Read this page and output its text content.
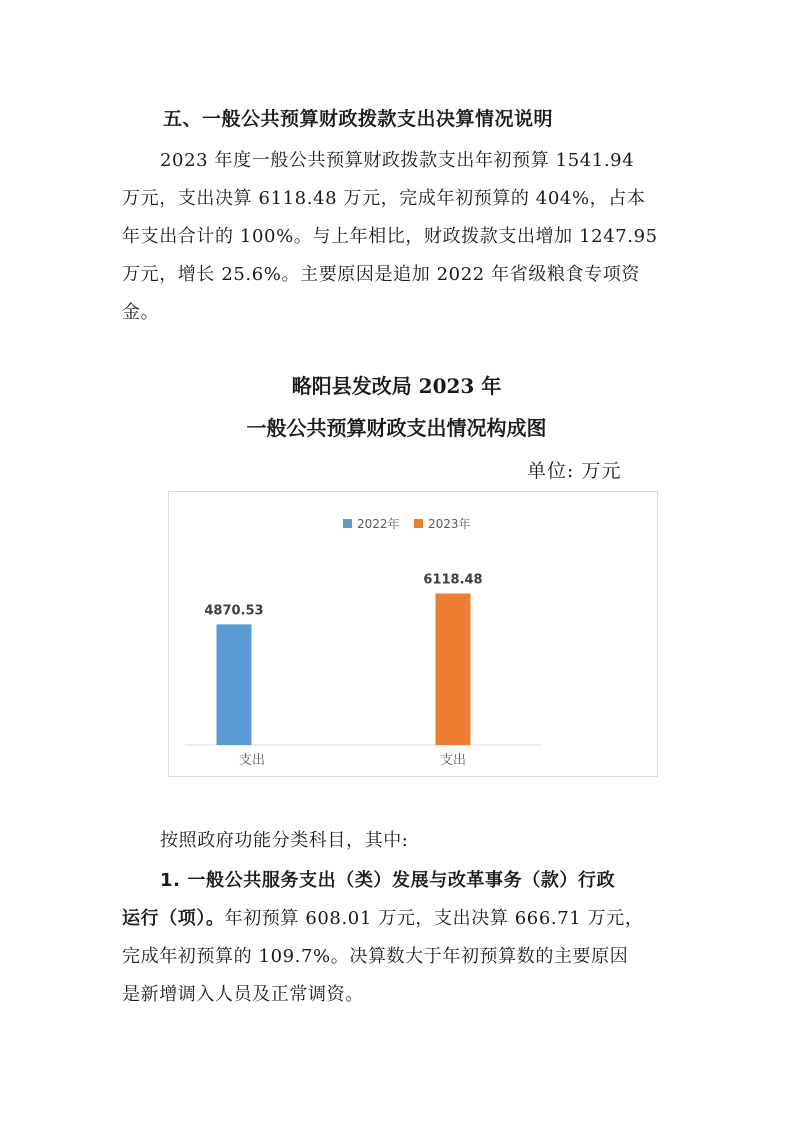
五、一般公共预算财政拨款支出决算情况说明

2023 年度一般公共预算财政拨款支出年初预算 1541.94

万元，支出决算 6118.48 万元，完成年初预算的 404%，占本

年支出合计的 100%。与上年相比，财政拨款支出增加 1247.95

万元，增长 25.6%。主要原因是追加 2022 年省级粮食专项资

金。

略阳县发改局 2023 年
一般公共预算财政支出情况构成图
单位: 万元
2022年 2023年
4870.53
6118.48
支出	支出

按照政府功能分类科目，其中:

1. 一般公共服务支出（类）发展与改革事务（款）行政

运行（项）。年初预算 608.01 万元，支出决算 666.71 万元，

完成年初预算的 109.7%。决算数大于年初预算数的主要原因

是新增调入人员及正常调资。
